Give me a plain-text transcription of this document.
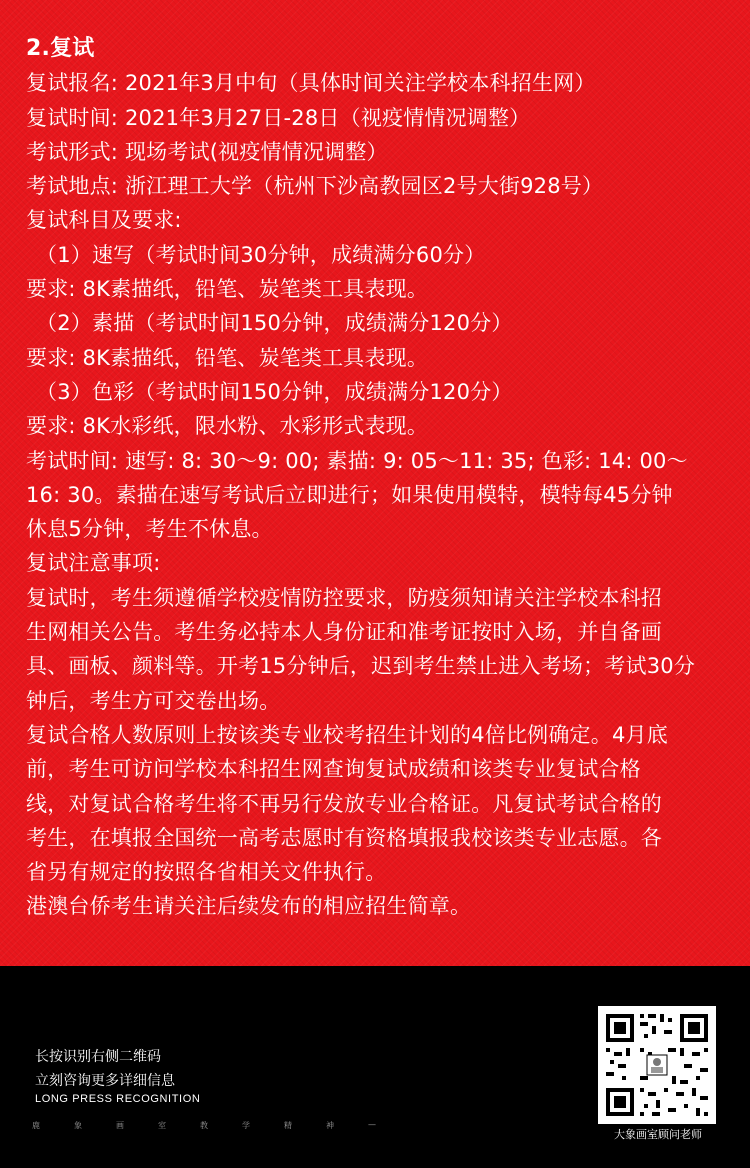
2.复试

复试报名: 2021年3月中旬（具体时间关注学校本科招生网）

复试时间: 2021年3月27日-28日（视疫情情况调整）

考试形式: 现场考试(视疫情情况调整）

考试地点: 浙江理工大学（杭州下沙高教园区2号大街928号）

复试科目及要求:

（1）速写（考试时间30分钟，成绩满分60分）

要求: 8K素描纸，铅笔、炭笔类工具表现。

（2）素描（考试时间150分钟，成绩满分120分）

要求: 8K素描纸，铅笔、炭笔类工具表现。

（3）色彩（考试时间150分钟，成绩满分120分）

要求: 8K水彩纸，限水粉、水彩形式表现。

考试时间: 速写: 8: 30～9: 00; 素描: 9: 05～11: 35; 色彩: 14: 00～

16: 30。素描在速写考试后立即进行；如果使用模特，模特每45分钟

休息5分钟，考生不休息。

复试注意事项:

复试时，考生须遵循学校疫情防控要求，防疫须知请关注学校本科招

生网相关公告。考生务必持本人身份证和准考证按时入场，并自备画

具、画板、颜料等。开考15分钟后，迟到考生禁止进入考场；考试30分

钟后，考生方可交卷出场。

复试合格人数原则上按该类专业校考招生计划的4倍比例确定。4月底

前，考生可访问学校本科招生网查询复试成绩和该类专业复试合格

线，对复试合格考生将不再另行发放专业合格证。凡复试考试合格的

考生，在填报全国统一高考志愿时有资格填报我校该类专业志愿。各

省另有规定的按照各省相关文件执行。

港澳台侨考生请关注后续发布的相应招生简章。

长按识别右侧二维码
立刻咨询更多详细信息
LONG PRESS RECOGNITION
鹿	象	画	室	教	学	精	神	—
大象画室顾问老师
